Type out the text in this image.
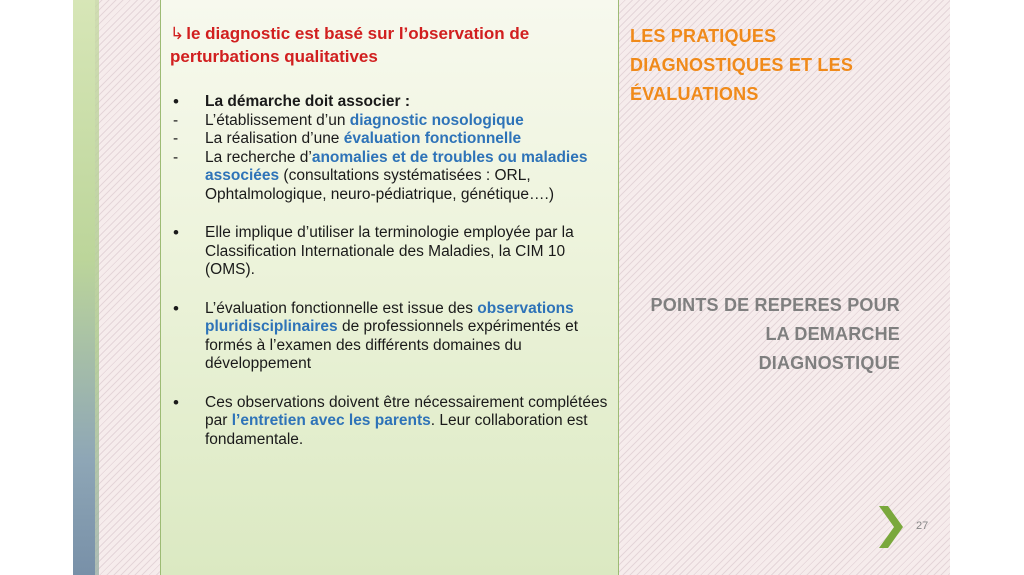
↳ le diagnostic est basé sur l’observation de perturbations qualitatives

• La démarche doit associer :
- L’établissement d’un diagnostic nosologique
- La réalisation d’une évaluation fonctionnelle
- La recherche d’anomalies et de troubles ou maladies associées (consultations systématisées : ORL, Ophtalmologique, neuro-pédiatrique, génétique….)
• Elle implique d’utiliser la terminologie employée par la Classification Internationale des Maladies, la CIM 10 (OMS).
• L’évaluation fonctionnelle est issue des observations pluridisciplinaires de professionnels expérimentés et formés à l’examen des différents domaines du développement
• Ces observations doivent être nécessairement complétées par l’entretien avec les parents. Leur collaboration est fondamentale.
LES PRATIQUES
DIAGNOSTIQUES ET LES
ÉVALUATIONS
POINTS DE REPERES POUR
LA DEMARCHE
DIAGNOSTIQUE
27
